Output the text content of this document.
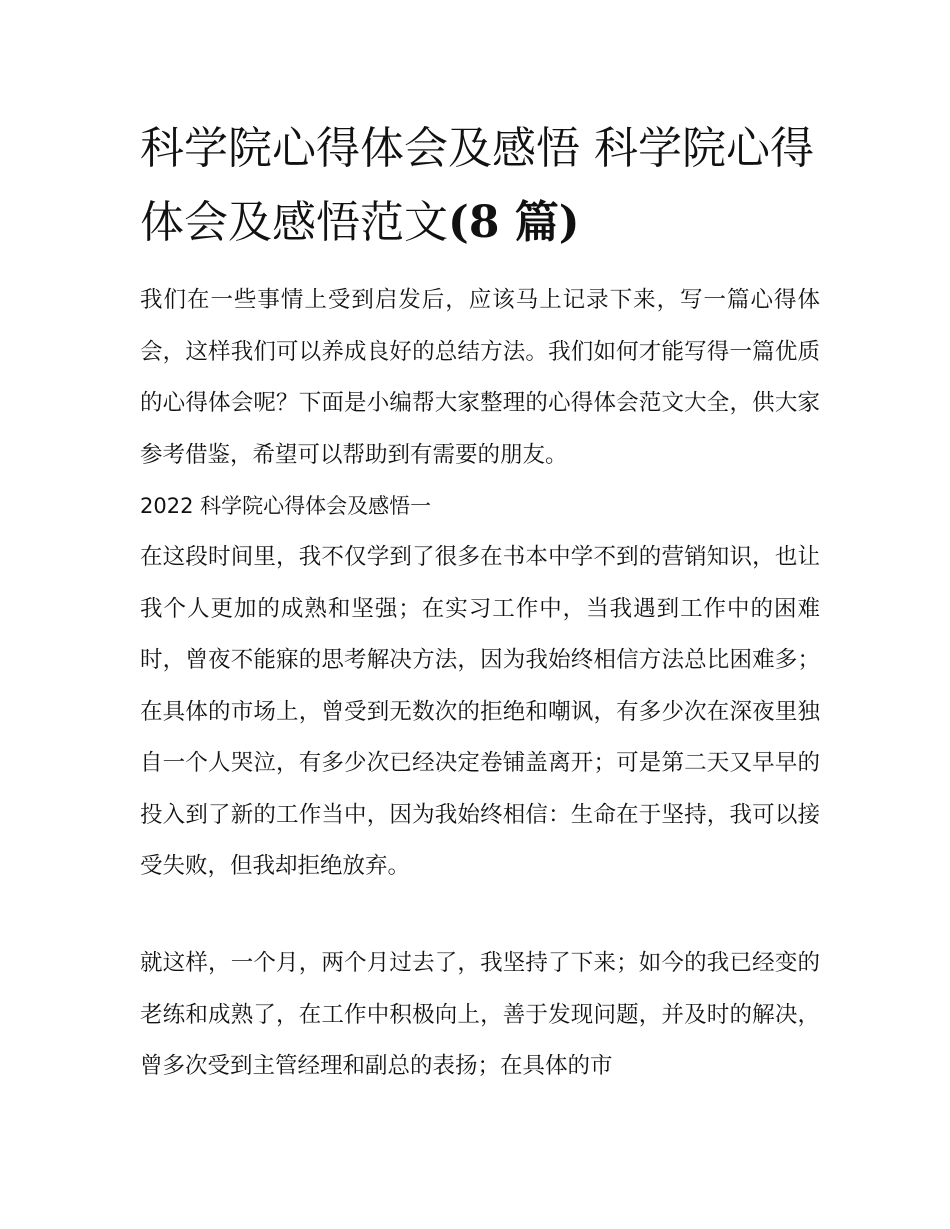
科学院心得体会及感悟 科学院心得体会及感悟范文(8 篇)

我们在一些事情上受到启发后，应该马上记录下来，写一篇心得体会，这样我们可以养成良好的总结方法。我们如何才能写得一篇优质的心得体会呢？下面是小编帮大家整理的心得体会范文大全，供大家参考借鉴，希望可以帮助到有需要的朋友。

2022 科学院心得体会及感悟一

在这段时间里，我不仅学到了很多在书本中学不到的营销知识，也让我个人更加的成熟和坚强；在实习工作中，当我遇到工作中的困难时，曾夜不能寐的思考解决方法，因为我始终相信方法总比困难多；在具体的市场上，曾受到无数次的拒绝和嘲讽，有多少次在深夜里独自一个人哭泣，有多少次已经决定卷铺盖离开；可是第二天又早早的投入到了新的工作当中，因为我始终相信：生命在于坚持，我可以接受失败，但我却拒绝放弃。

就这样，一个月，两个月过去了，我坚持了下来；如今的我已经变的老练和成熟了，在工作中积极向上，善于发现问题，并及时的解决，曾多次受到主管经理和副总的表扬；在具体的市
